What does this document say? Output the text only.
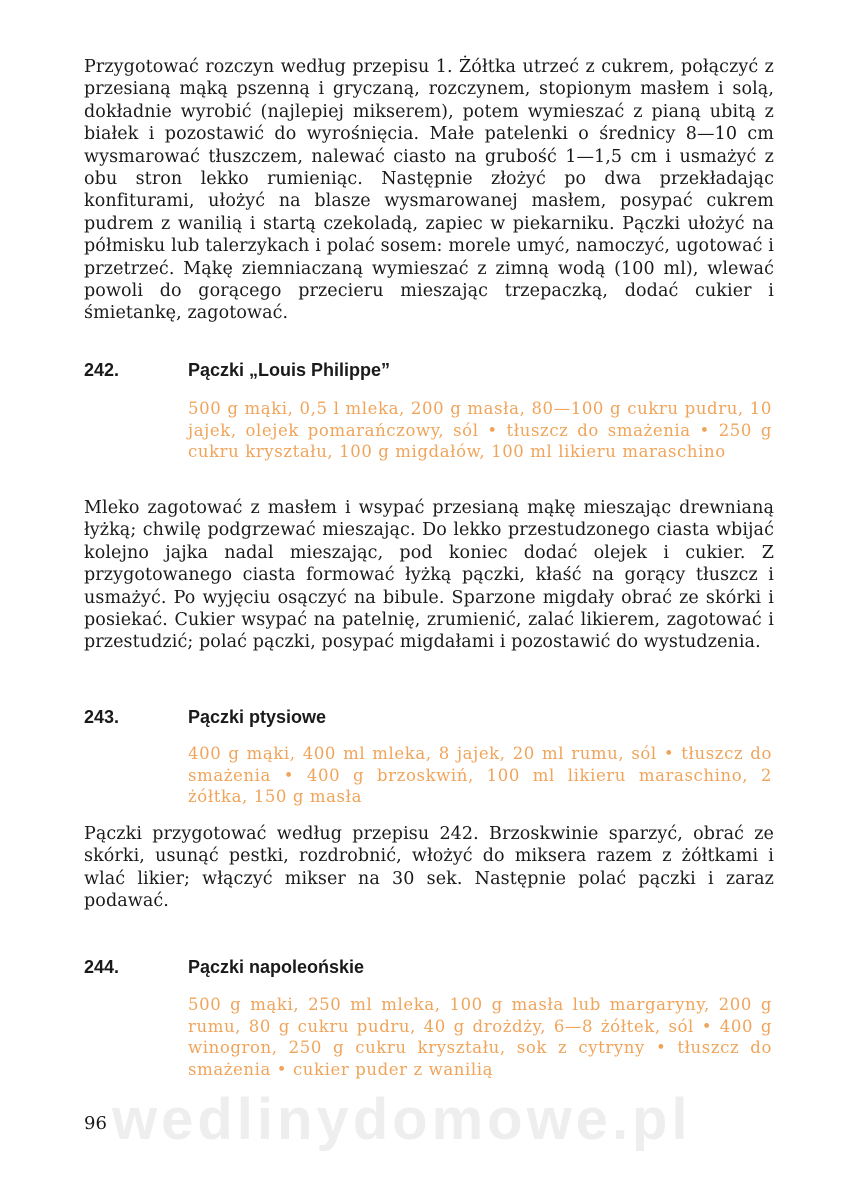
Przygotować rozczyn według przepisu 1. Żółtka utrzeć z cukrem, połączyć z przesianą mąką pszenną i gryczaną, rozczynem, stopionym masłem i solą, dokładnie wyrobić (najlepiej mikserem), potem wymieszać z pianą ubitą z białek i pozostawić do wyrośnięcia. Małe patelenki o średnicy 8—10 cm wysmarować tłuszczem, nalewać ciasto na grubość 1—1,5 cm i usmażyć z obu stron lekko rumieniąc. Następnie złożyć po dwa przekładając konfiturami, ułożyć na blasze wysmarowanej masłem, posypać cukrem pudrem z wanilią i startą czekoladą, zapiec w piekarniku. Pączki ułożyć na półmisku lub talerzykach i polać sosem: morele umyć, namoczyć, ugotować i przetrzeć. Mąkę ziemniaczaną wymieszać z zimną wodą (100 ml), wlewać powoli do gorącego przecieru mieszając trzepaczką, dodać cukier i śmietankę, zagotować.

242.	Pączki „Louis Philippe”

500 g mąki, 0,5 l mleka, 200 g masła, 80—100 g cukru pudru, 10 jajek, olejek pomarańczowy, sól • tłuszcz do smażenia • 250 g cukru kryształu, 100 g migdałów, 100 ml likieru maraschino

Mleko zagotować z masłem i wsypać przesianą mąkę mieszając drewnianą łyżką; chwilę podgrzewać mieszając. Do lekko przestudzonego ciasta wbijać kolejno jajka nadal mieszając, pod koniec dodać olejek i cukier. Z przygotowanego ciasta formować łyżką pączki, kłaść na gorący tłuszcz i usmażyć. Po wyjęciu osączyć na bibule. Sparzone migdały obrać ze skórki i posiekać. Cukier wsypać na patelnię, zrumienić, zalać likierem, zagotować i przestudzić; polać pączki, posypać migdałami i pozostawić do wystudzenia.

243.	Pączki ptysiowe

400 g mąki, 400 ml mleka, 8 jajek, 20 ml rumu, sól • tłuszcz do smażenia • 400 g brzoskwiń, 100 ml likieru maraschino, 2 żółtka, 150 g masła

Pączki przygotować według przepisu 242. Brzoskwinie sparzyć, obrać ze skórki, usunąć pestki, rozdrobnić, włożyć do miksera razem z żółtkami i wlać likier; włączyć mikser na 30 sek. Następnie polać pączki i zaraz podawać.

244.	Pączki napoleońskie

500 g mąki, 250 ml mleka, 100 g masła lub margaryny, 200 g rumu, 80 g cukru pudru, 40 g drożdży, 6—8 żółtek, sól • 400 g winogron, 250 g cukru kryształu, sok z cytryny • tłuszcz do smażenia • cukier puder z wanilią

wedlinydomowe.pl
96
